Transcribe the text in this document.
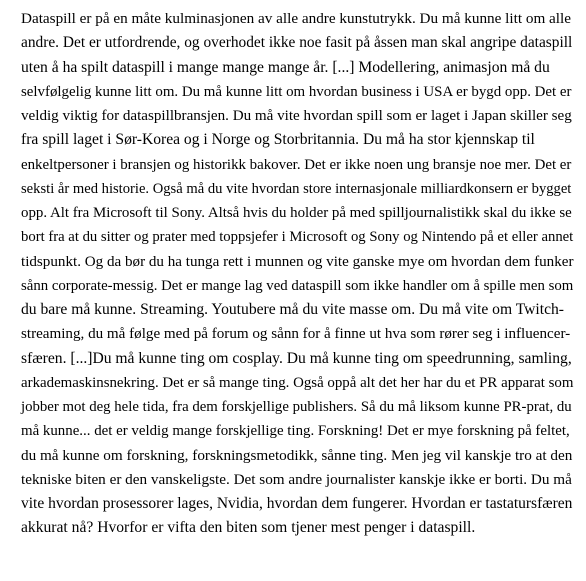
Dataspill er på en måte kulminasjonen av alle andre kunstutrykk. Du må kunne litt om alle
andre. Det er utfordrende, og overhodet ikke noe fasit på åssen man skal angripe dataspill
uten å ha spilt dataspill i mange mange mange år. [...] Modellering, animasjon må du
selvfølgelig kunne litt om. Du må kunne litt om hvordan business i USA er bygd opp. Det er
veldig viktig for dataspillbransjen. Du må vite hvordan spill som er laget i Japan skiller seg
fra spill laget i Sør-Korea og i Norge og Storbritannia. Du må ha stor kjennskap til
enkeltpersoner i bransjen og historikk bakover. Det er ikke noen ung bransje noe mer. Det er
seksti år med historie. Også må du vite hvordan store internasjonale milliardkonsern er bygget
opp. Alt fra Microsoft til Sony. Altså hvis du holder på med spilljournalistikk skal du ikke se
bort fra at du sitter og prater med toppsjefer i Microsoft og Sony og Nintendo på et eller annet
tidspunkt. Og da bør du ha tunga rett i munnen og vite ganske mye om hvordan dem funker
sånn corporate-messig. Det er mange lag ved dataspill som ikke handler om å spille men som
du bare må kunne. Streaming. Youtubere må du vite masse om. Du må vite om Twitch-
streaming, du må følge med på forum og sånn for å finne ut hva som rører seg i influencer-
sfæren. [...]Du må kunne ting om cosplay. Du må kunne ting om speedrunning, samling,
arkademaskinsnekring. Det er så mange ting. Også oppå alt det her har du et PR apparat som
jobber mot deg hele tida, fra dem forskjellige publishers. Så du må liksom kunne PR-prat, du
må kunne... det er veldig mange forskjellige ting. Forskning! Det er mye forskning på feltet,
du må kunne om forskning, forskningsmetodikk, sånne ting. Men jeg vil kanskje tro at den
tekniske biten er den vanskeligste. Det som andre journalister kanskje ikke er borti. Du må
vite hvordan prosessorer lages, Nvidia, hvordan dem fungerer. Hvordan er tastatursfæren
akkurat nå? Hvorfor er vifta den biten som tjener mest penger i dataspill.
